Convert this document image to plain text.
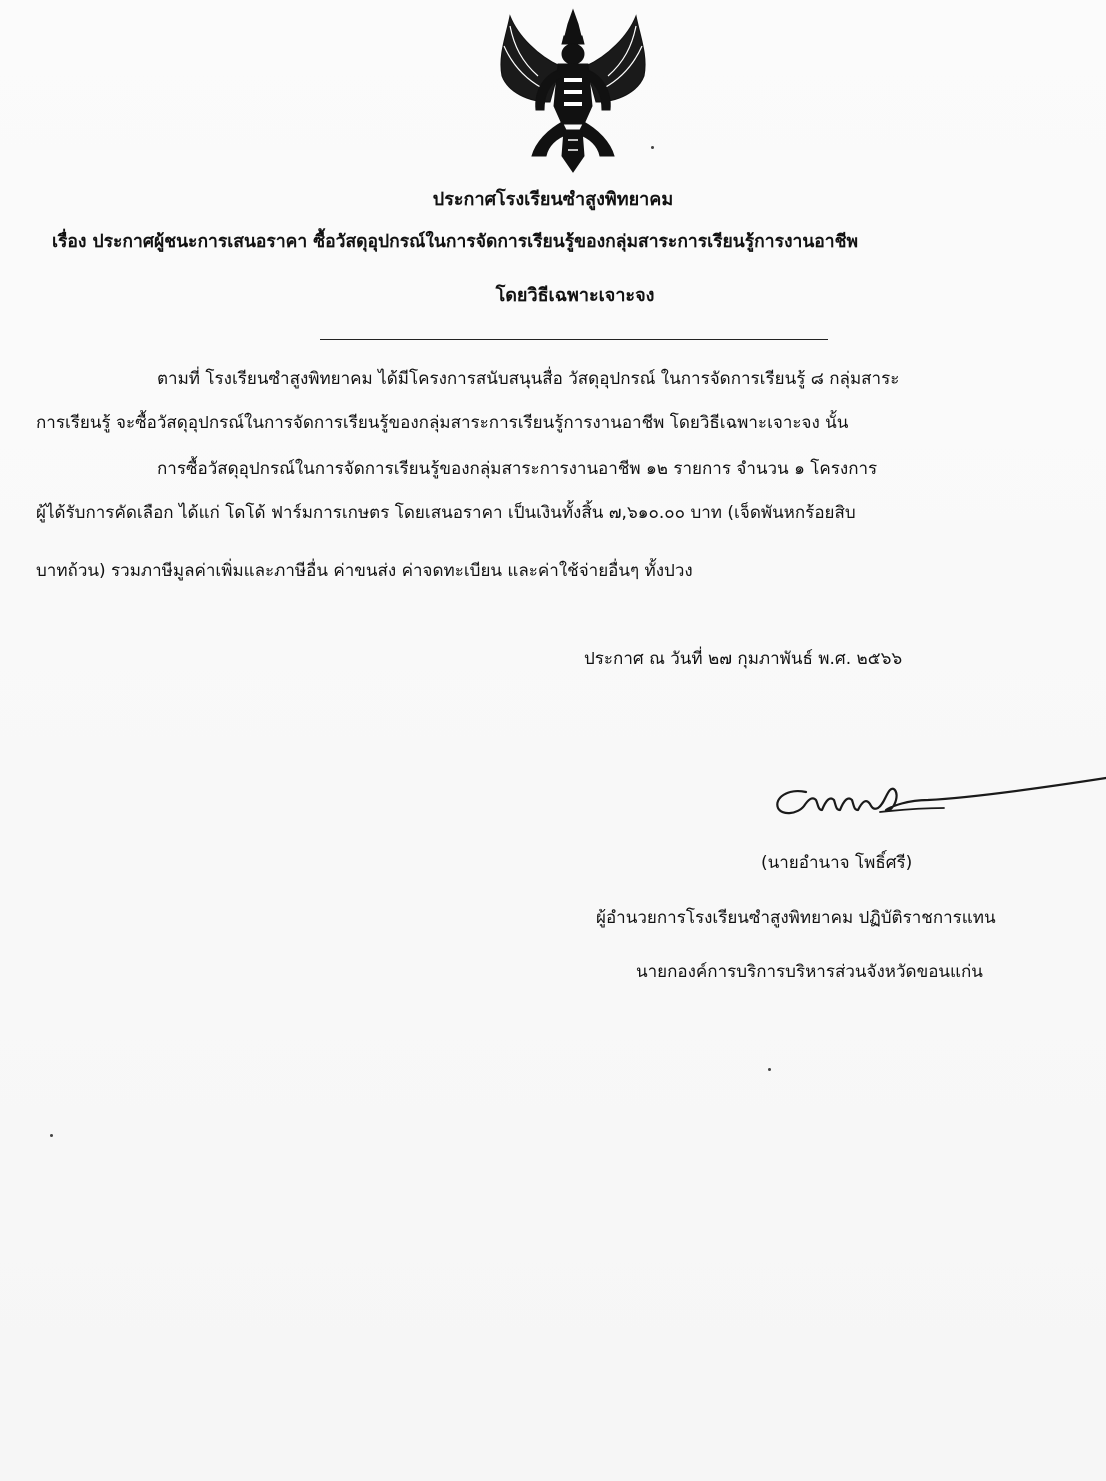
ประกาศโรงเรียนซำสูงพิทยาคม
เรื่อง ประกาศผู้ชนะการเสนอราคา ซื้อวัสดุอุปกรณ์ในการจัดการเรียนรู้ของกลุ่มสาระการเรียนรู้การงานอาชีพ
โดยวิธีเฉพาะเจาะจง
ตามที่ โรงเรียนซำสูงพิทยาคม ได้มีโครงการสนับสนุนสื่อ วัสดุอุปกรณ์ ในการจัดการเรียนรู้ ๘ กลุ่มสาระ
การเรียนรู้ จะซื้อวัสดุอุปกรณ์ในการจัดการเรียนรู้ของกลุ่มสาระการเรียนรู้การงานอาชีพ โดยวิธีเฉพาะเจาะจง นั้น
การซื้อวัสดุอุปกรณ์ในการจัดการเรียนรู้ของกลุ่มสาระการงานอาชีพ ๑๒ รายการ จำนวน ๑ โครงการ
ผู้ได้รับการคัดเลือก ได้แก่ โดโด้ ฟาร์มการเกษตร โดยเสนอราคา เป็นเงินทั้งสิ้น ๗,๖๑๐.๐๐ บาท (เจ็ดพันหกร้อยสิบ
บาทถ้วน) รวมภาษีมูลค่าเพิ่มและภาษีอื่น ค่าขนส่ง ค่าจดทะเบียน และค่าใช้จ่ายอื่นๆ ทั้งปวง
ประกาศ ณ วันที่ ๒๗ กุมภาพันธ์ พ.ศ. ๒๕๖๖
(นายอำนาจ โพธิ์ศรี)
ผู้อำนวยการโรงเรียนซำสูงพิทยาคม ปฏิบัติราชการแทน
นายกองค์การบริการบริหารส่วนจังหวัดขอนแก่น
